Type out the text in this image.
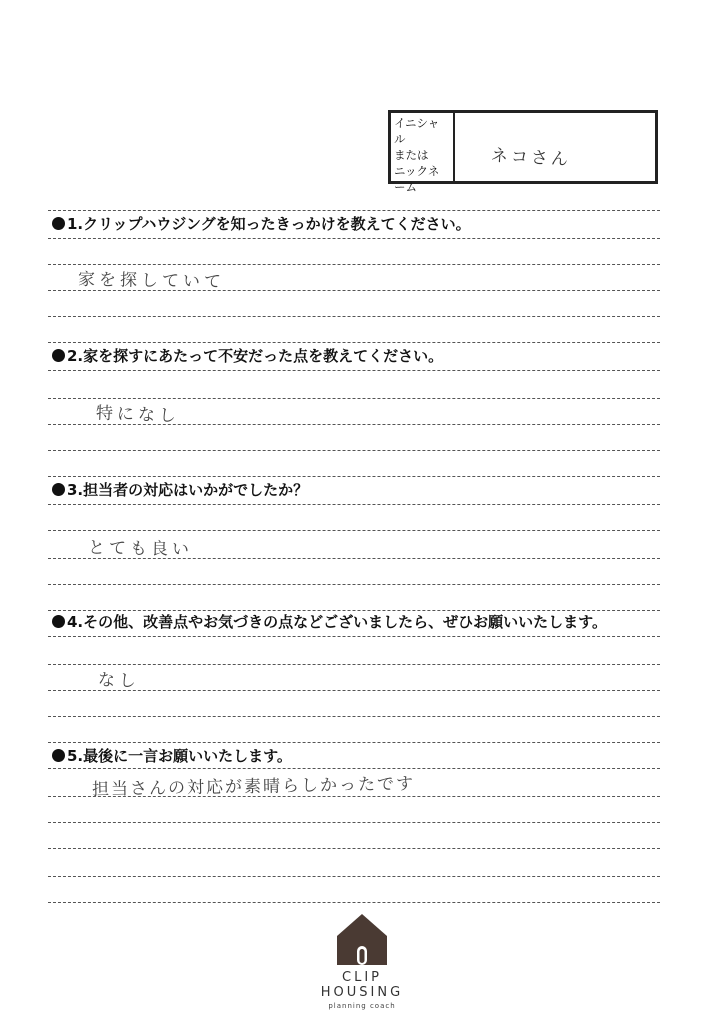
イニシャル
または
ニックネーム
ネコさん
1.クリップハウジングを知ったきっかけを教えてください。
家を探していて
2.家を探すにあたって不安だった点を教えてください。
特になし
3.担当者の対応はいかがでしたか？
とても良い
4.その他、改善点やお気づきの点などございましたら、ぜひお願いいたします。
なし
5.最後に一言お願いいたします。
担当さんの対応が素晴らしかったです
CLIP HOUSING
planning coach
